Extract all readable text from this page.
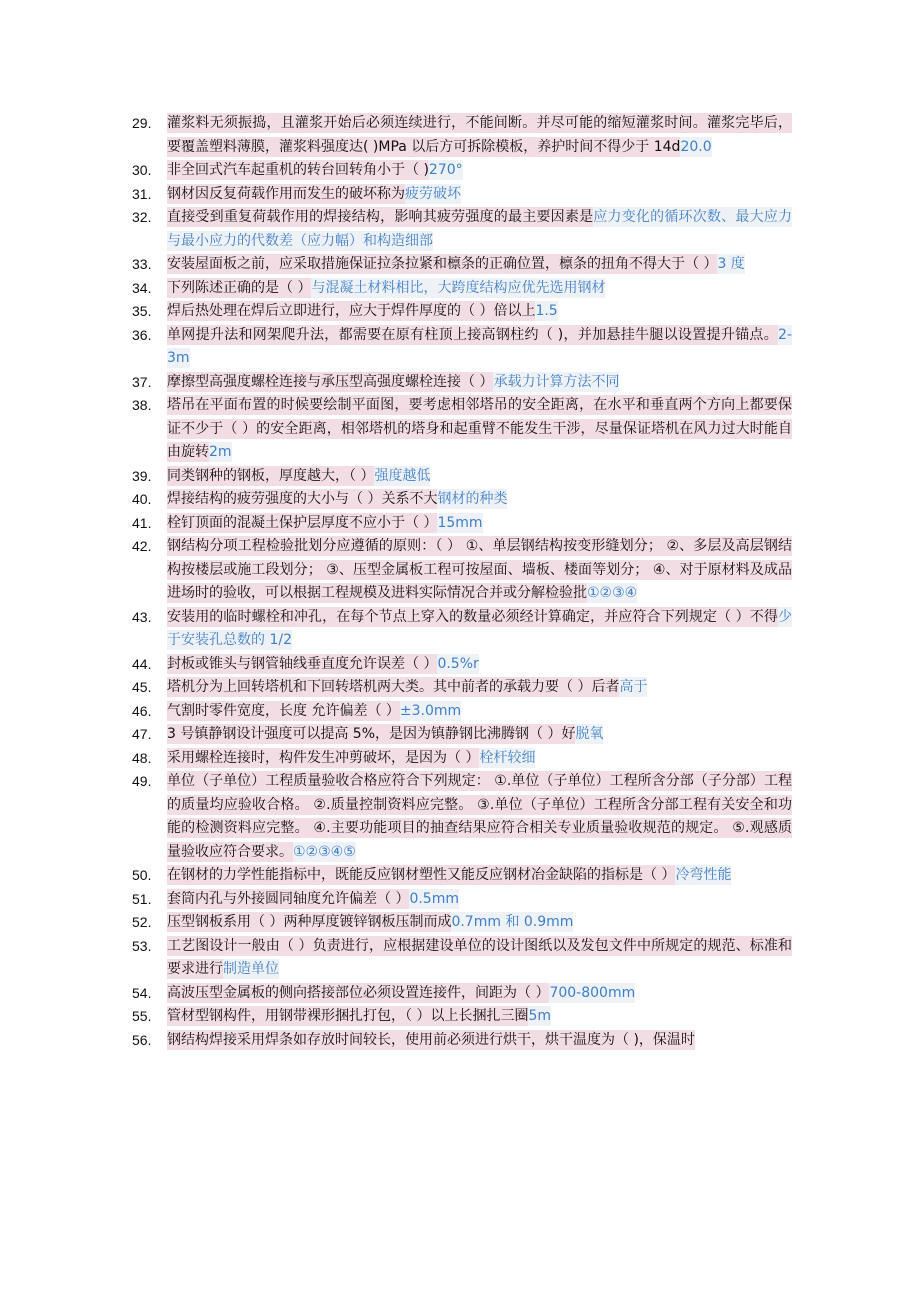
29.	灌浆料无须振捣，且灌浆开始后必须连续进行，不能间断。并尽可能的缩短灌浆时间。灌浆完毕后，要覆盖塑料薄膜，灌浆料强度达( )MPa 以后方可拆除模板，养护时间不得少于 14d20.0
30.	非全回式汽车起重机的转台回转角小于（ )270°
31.	钢材因反复荷载作用而发生的破坏称为疲劳破坏
32.	直接受到重复荷载作用的焊接结构，影响其疲劳强度的最主要因素是应力变化的循环次数、最大应力与最小应力的代数差（应力幅）和构造细部
33.	安装屋面板之前，应采取措施保证拉条拉紧和檩条的正确位置，檩条的扭角不得大于（ ）3 度
34.	下列陈述正确的是（ ）与混凝土材料相比，大跨度结构应优先选用钢材
35.	焊后热处理在焊后立即进行，应大于焊件厚度的（ ）倍以上1.5
36.	单网提升法和网架爬升法，都需要在原有柱顶上接高钢柱约（ )，并加悬挂牛腿以设置提升锚点。2-3m
37.	摩擦型高强度螺栓连接与承压型高强度螺栓连接（ ）承载力计算方法不同
38.	塔吊在平面布置的时候要绘制平面图，要考虑相邻塔吊的安全距离，在水平和垂直两个方向上都要保证不少于（ ）的安全距离，相邻塔机的塔身和起重臂不能发生干涉，尽量保证塔机在风力过大时能自由旋转2m
39.	同类钢种的钢板，厚度越大，（ ）强度越低
40.	焊接结构的疲劳强度的大小与（ ）关系不大钢材的种类
41.	栓钉顶面的混凝土保护层厚度不应小于（ ）15mm
42.	钢结构分项工程检验批划分应遵循的原则：（ ） ①、单层钢结构按变形缝划分； ②、多层及高层钢结构按楼层或施工段划分； ③、压型金属板工程可按屋面、墙板、楼面等划分； ④、对于原材料及成品进场时的验收，可以根据工程规模及进料实际情况合并或分解检验批①②③④
43.	安装用的临时螺栓和冲孔，在每个节点上穿入的数量必须经计算确定，并应符合下列规定（ ）不得少于安装孔总数的 1/2
44.	封板或锥头与钢管轴线垂直度允许误差（ ）0.5%r
45.	塔机分为上回转塔机和下回转塔机两大类。其中前者的承载力要（ ）后者高于
46.	气割时零件宽度，长度 允许偏差（ ）±3.0mm
47.	3 号镇静钢设计强度可以提高 5%，是因为镇静钢比沸腾钢（ ）好脱氧
48.	采用螺栓连接时，构件发生冲剪破坏，是因为（ ）栓杆较细
49.	单位（子单位）工程质量验收合格应符合下列规定： ①.单位（子单位）工程所含分部（子分部）工程的质量均应验收合格。 ②.质量控制资料应完整。 ③.单位（子单位）工程所含分部工程有关安全和功能的检测资料应完整。 ④.主要功能项目的抽查结果应符合相关专业质量验收规范的规定。 ⑤.观感质量验收应符合要求。①②③④⑤
50.	在钢材的力学性能指标中，既能反应钢材塑性又能反应钢材冶金缺陷的指标是（ ）冷弯性能
51.	套筒内孔与外接圆同轴度允许偏差（ ）0.5mm
52.	压型钢板系用（ ）两种厚度镀锌钢板压制而成0.7mm 和 0.9mm
53.	工艺图设计一般由（ ）负责进行，应根据建设单位的设计图纸以及发包文件中所规定的规范、标准和要求进行制造单位
54.	高波压型金属板的侧向搭接部位必须设置连接件，间距为（ ）700-800mm
55.	管材型钢构件，用钢带裸形捆扎打包，（ ）以上长捆扎三圈5m
56.	钢结构焊接采用焊条如存放时间较长，使用前必须进行烘干，烘干温度为（ )，保温时
